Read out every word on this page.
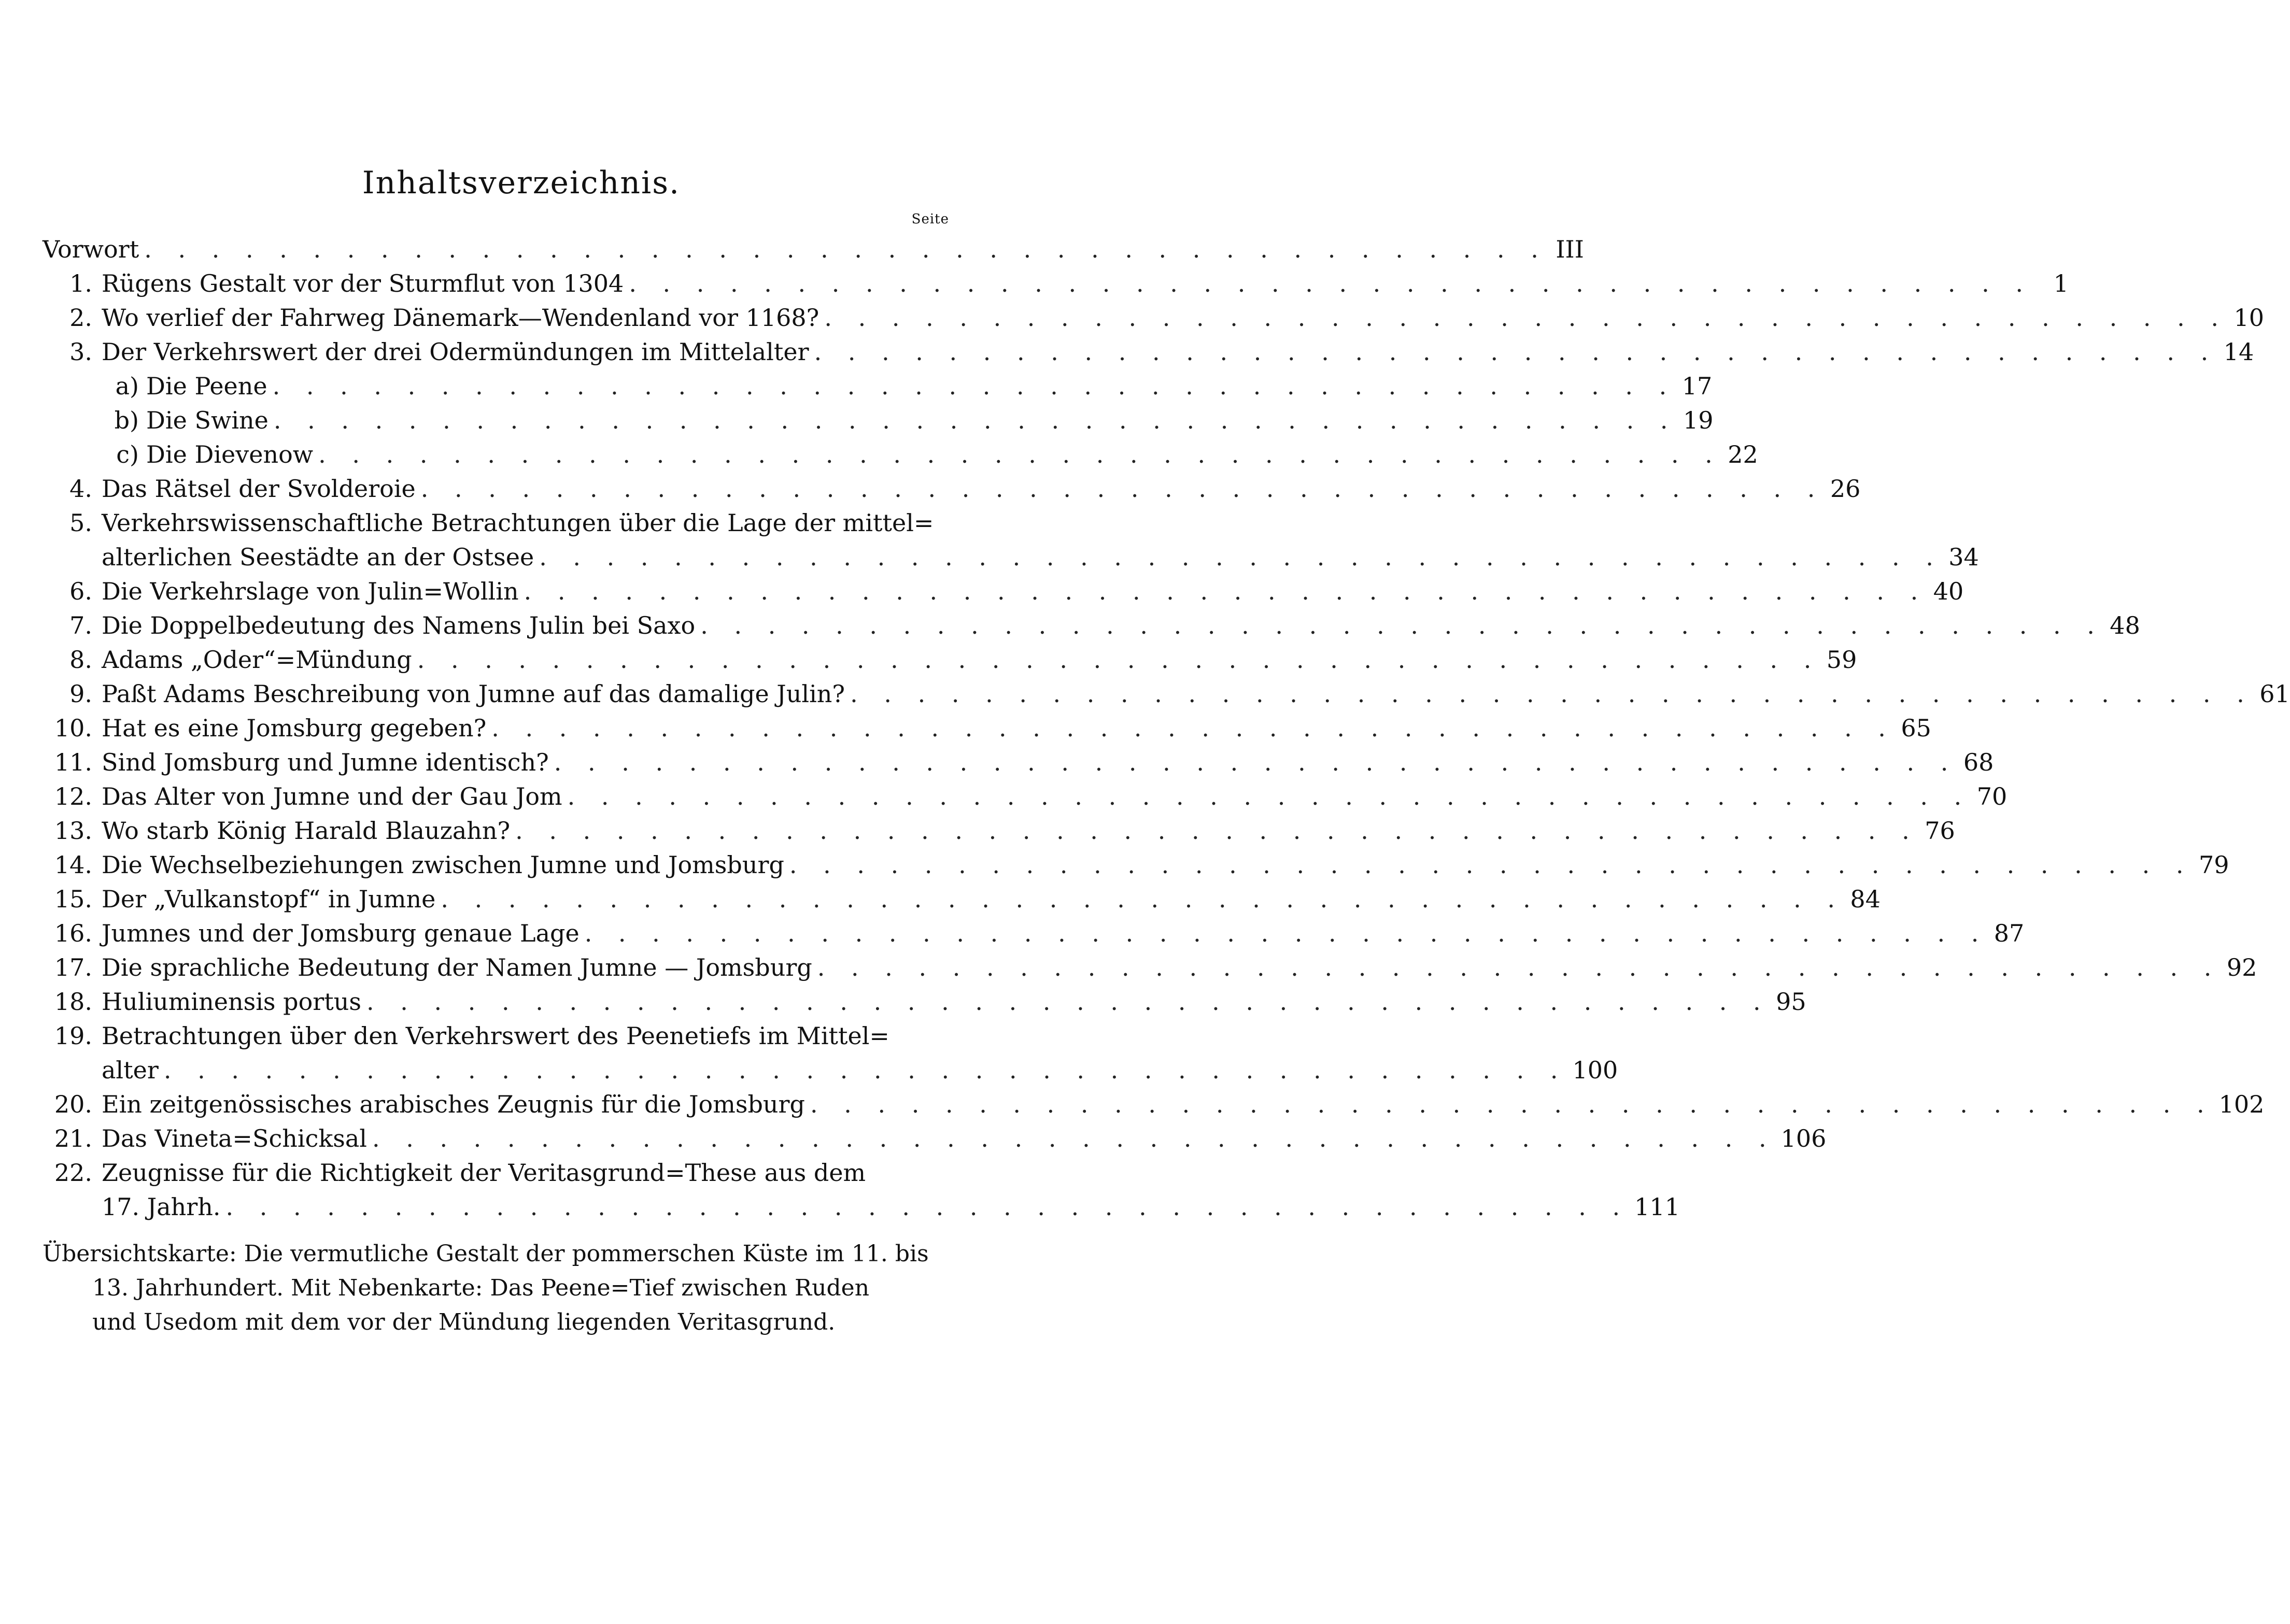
Inhaltsverzeichnis.
Seite
Vorwort . . . . . . . . . . . . . . . . . . . . . . . . . . . . . . . . . . . . . . . . . . III
1. Rügens Gestalt vor der Sturmflut von 1304 . . . . . . . . . . . . . . . . . . . . . . . . . . . . . . . . . . . . . . . . . . 1
2. Wo verlief der Fahrweg Dänemark—Wendenland vor 1168? . . . . . . . . . . . . . . . . . . . . . . . . . . . . . . . . . . . . . . . . . . 10
3. Der Verkehrswert der drei Odermündungen im Mittelalter . . . . . . . . . . . . . . . . . . . . . . . . . . . . . . . . . . . . . . . . . . 14
a) Die Peene . . . . . . . . . . . . . . . . . . . . . . . . . . . . . . . . . . . . . . . . . . 17
b) Die Swine . . . . . . . . . . . . . . . . . . . . . . . . . . . . . . . . . . . . . . . . . . 19
c) Die Dievenow . . . . . . . . . . . . . . . . . . . . . . . . . . . . . . . . . . . . . . . . . . 22
4. Das Rätsel der Svolderoie . . . . . . . . . . . . . . . . . . . . . . . . . . . . . . . . . . . . . . . . . . 26
5. Verkehrswissenschaftliche Betrachtungen über die Lage der mittel=
alterlichen Seestädte an der Ostsee . . . . . . . . . . . . . . . . . . . . . . . . . . . . . . . . . . . . . . . . . . 34
6. Die Verkehrslage von Julin=Wollin . . . . . . . . . . . . . . . . . . . . . . . . . . . . . . . . . . . . . . . . . . 40
7. Die Doppelbedeutung des Namens Julin bei Saxo . . . . . . . . . . . . . . . . . . . . . . . . . . . . . . . . . . . . . . . . . . 48
8. Adams „Oder“=Mündung . . . . . . . . . . . . . . . . . . . . . . . . . . . . . . . . . . . . . . . . . . 59
9. Paßt Adams Beschreibung von Jumne auf das damalige Julin? . . . . . . . . . . . . . . . . . . . . . . . . . . . . . . . . . . . . . . . . . . 61
10. Hat es eine Jomsburg gegeben? . . . . . . . . . . . . . . . . . . . . . . . . . . . . . . . . . . . . . . . . . . 65
11. Sind Jomsburg und Jumne identisch? . . . . . . . . . . . . . . . . . . . . . . . . . . . . . . . . . . . . . . . . . . 68
12. Das Alter von Jumne und der Gau Jom . . . . . . . . . . . . . . . . . . . . . . . . . . . . . . . . . . . . . . . . . . 70
13. Wo starb König Harald Blauzahn? . . . . . . . . . . . . . . . . . . . . . . . . . . . . . . . . . . . . . . . . . . 76
14. Die Wechselbeziehungen zwischen Jumne und Jomsburg . . . . . . . . . . . . . . . . . . . . . . . . . . . . . . . . . . . . . . . . . . 79
15. Der „Vulkanstopf“ in Jumne . . . . . . . . . . . . . . . . . . . . . . . . . . . . . . . . . . . . . . . . . . 84
16. Jumnes und der Jomsburg genaue Lage . . . . . . . . . . . . . . . . . . . . . . . . . . . . . . . . . . . . . . . . . . 87
17. Die sprachliche Bedeutung der Namen Jumne — Jomsburg . . . . . . . . . . . . . . . . . . . . . . . . . . . . . . . . . . . . . . . . . . 92
18. Huliuminensis portus . . . . . . . . . . . . . . . . . . . . . . . . . . . . . . . . . . . . . . . . . . 95
19. Betrachtungen über den Verkehrswert des Peenetiefs im Mittel=
alter . . . . . . . . . . . . . . . . . . . . . . . . . . . . . . . . . . . . . . . . . . 100
20. Ein zeitgenössisches arabisches Zeugnis für die Jomsburg . . . . . . . . . . . . . . . . . . . . . . . . . . . . . . . . . . . . . . . . . . 102
21. Das Vineta=Schicksal . . . . . . . . . . . . . . . . . . . . . . . . . . . . . . . . . . . . . . . . . . 106
22. Zeugnisse für die Richtigkeit der Veritasgrund=These aus dem
17. Jahrh. . . . . . . . . . . . . . . . . . . . . . . . . . . . . . . . . . . . . . . . . . . 111

Übersichtskarte: Die vermutliche Gestalt der pommerschen Küste im 11. bis

13. Jahrhundert. Mit Nebenkarte: Das Peene=Tief zwischen Ruden

und Usedom mit dem vor der Mündung liegenden Veritasgrund.
